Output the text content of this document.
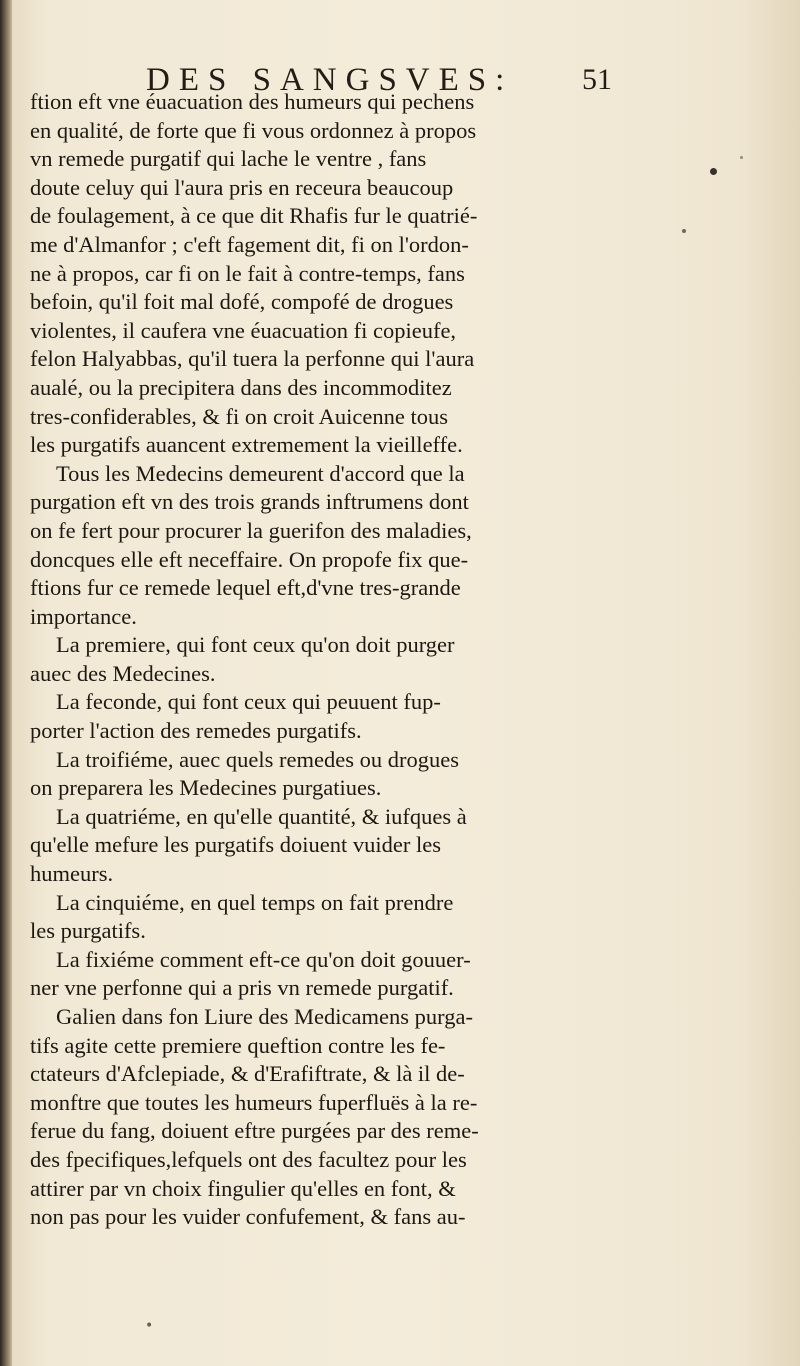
DES SANGSVES: 51
ftion eft vne éuacuation des humeurs qui pechens
en qualité, de forte que fi vous ordonnez à propos
vn remede purgatif qui lache le ventre , fans
doute celuy qui l'aura pris en receura beaucoup
de foulagement, à ce que dit Rhafis fur le quatrié-
me d'Almanfor ; c'eft fagement dit, fi on l'ordon-
ne à propos, car fi on le fait à contre-temps, fans
befoin, qu'il foit mal dofé, compofé de drogues
violentes, il caufera vne éuacuation fi copieufe,
felon Halyabbas, qu'il tuera la perfonne qui l'aura
aualé, ou la precipitera dans des incommoditez
tres-confiderables, & fi on croit Auicenne tous
les purgatifs auancent extremement la vieilleffe.
Tous les Medecins demeurent d'accord que la
purgation eft vn des trois grands inftrumens dont
on fe fert pour procurer la guerifon des maladies,
doncques elle eft neceffaire. On propofe fix que-
ftions fur ce remede lequel eft,d'vne tres-grande
importance.
La premiere, qui font ceux qu'on doit purger
auec des Medecines.
La feconde, qui font ceux qui peuuent fup-
porter l'action des remedes purgatifs.
La troifiéme, auec quels remedes ou drogues
on preparera les Medecines purgatiues.
La quatriéme, en qu'elle quantité, & iufques à
qu'elle mefure les purgatifs doiuent vuider les
humeurs.
La cinquiéme, en quel temps on fait prendre
les purgatifs.
La fixiéme comment eft-ce qu'on doit gouuer-
ner vne perfonne qui a pris vn remede purgatif.
Galien dans fon Liure des Medicamens purga-
tifs agite cette premiere queftion contre les fe-
ctateurs d'Afclepiade, & d'Erafiftrate, & là il de-
monftre que toutes les humeurs fuperfluës à la re-
ferue du fang, doiuent eftre purgées par des reme-
des fpecifiques,lefquels ont des facultez pour les
attirer par vn choix fingulier qu'elles en font, &
non pas pour les vuider confufement, & fans au-
•
